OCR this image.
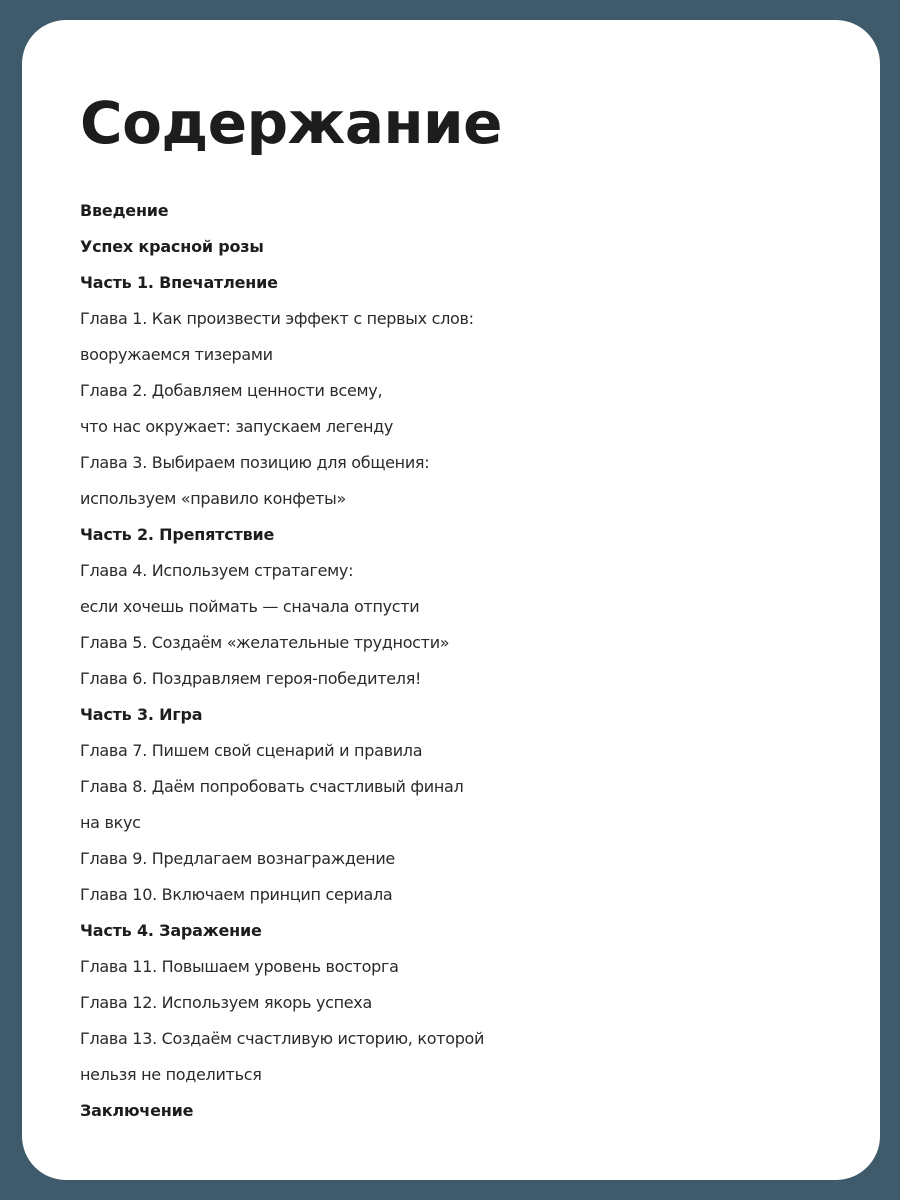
Содержание
Введение
Успех красной розы
Часть 1. Впечатление
Глава 1. Как произвести эффект с первых слов:
вооружаемся тизерами
Глава 2. Добавляем ценности всему,
что нас окружает: запускаем легенду
Глава 3. Выбираем позицию для общения:
используем «правило конфеты»
Часть 2. Препятствие
Глава 4. Используем стратагему:
если хочешь поймать — сначала отпусти
Глава 5. Создаём «желательные трудности»
Глава 6. Поздравляем героя-победителя!
Часть 3. Игра
Глава 7. Пишем свой сценарий и правила
Глава 8. Даём попробовать счастливый финал
на вкус
Глава 9. Предлагаем вознаграждение
Глава 10. Включаем принцип сериала
Часть 4. Заражение
Глава 11. Повышаем уровень восторга
Глава 12. Используем якорь успеха
Глава 13. Создаём счастливую историю, которой
нельзя не поделиться
Заключение
